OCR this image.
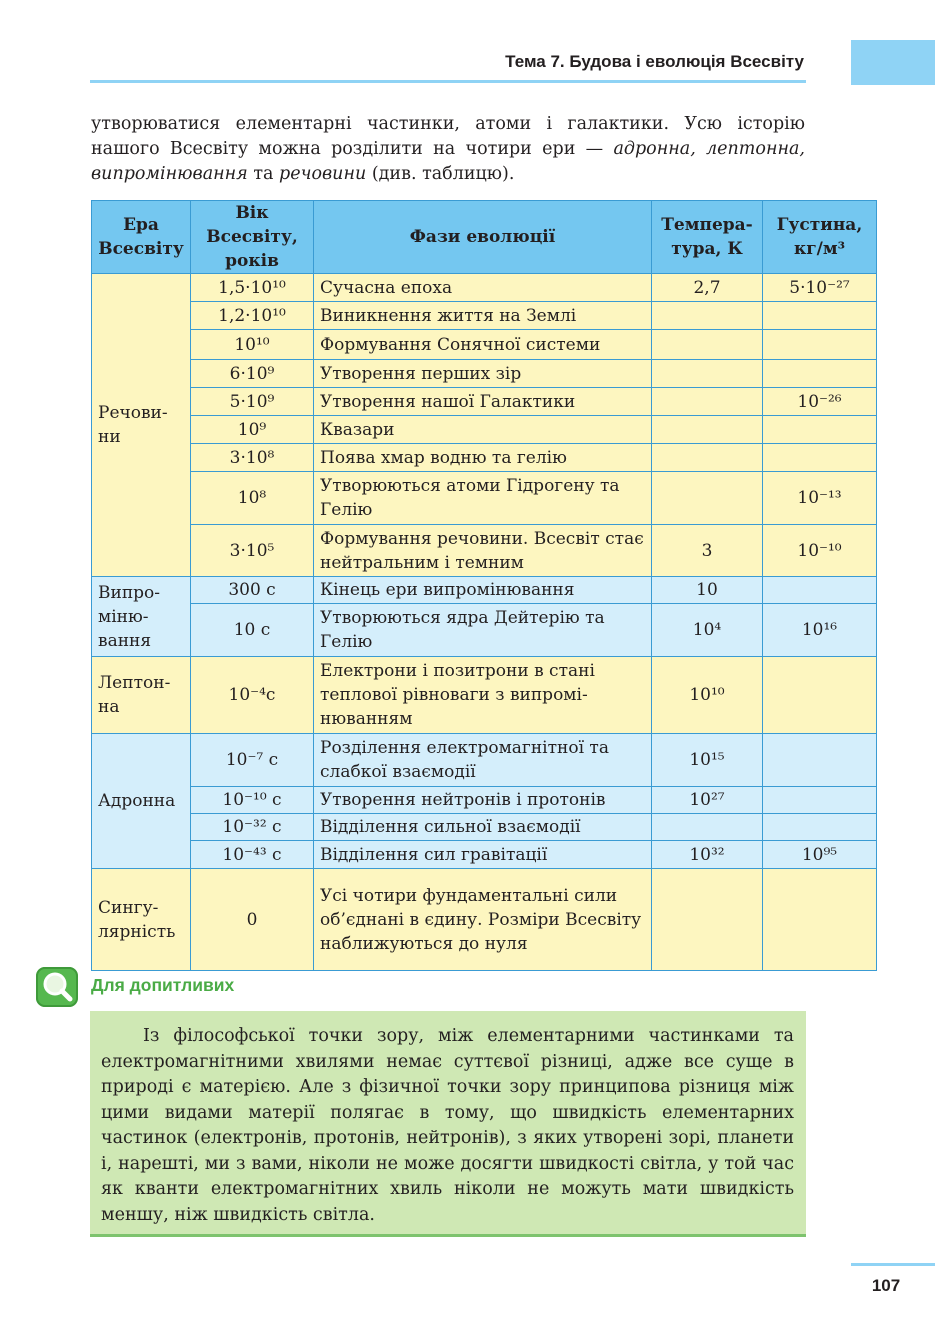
Тема 7. Будова і еволюція Всесвіту

утворюватися елементарні частинки, атоми і галактики. Усю історію нашого Всесвіту можна розділити на чотири ери — адронна, лептонна, випромінювання та речовини (див. таблицю).

Ера Всесвіту	Вік Всесвіту, років	Фази еволюції	Температура, К	Густина, кг/м³
Речовини	1,5·10¹⁰	Сучасна епоха	2,7	5·10⁻²⁷
	1,2·10¹⁰	Виникнення життя на Землі		
	10¹⁰	Формування Сонячної системи		
	6·10⁹	Утворення перших зір		
	5·10⁹	Утворення нашої Галактики		10⁻²⁶
	10⁹	Квазари		
	3·10⁸	Поява хмар водню та гелію		
	10⁸	Утворюються атоми Гідрогену та Гелію		10⁻¹³
	3·10⁵	Формування речовини. Всесвіт стає нейтральним і темним	3	10⁻¹⁰
Випромінювання	300 с	Кінець ери випромінювання	10	
	10 с	Утворюються ядра Дейтерію та Гелію	10⁴	10¹⁶
Лептонна	10⁻⁴с	Електрони і позитрони в стані теплової рівноваги з випромінюванням	10¹⁰	
Адронна	10⁻⁷ с	Розділення електромагнітної та слабкої взаємодії	10¹⁵	
	10⁻¹⁰ с	Утворення нейтронів і протонів	10²⁷	
	10⁻³² с	Відділення сильної взаємодії		
	10⁻⁴³ с	Відділення сил гравітації	10³²	10⁹⁵
Сингулярність	0	Усі чотири фундаментальні сили об’єднані в єдину. Розміри Всесвіту наближуються до нуля		
Для допитливих

Із філософської точки зору, між елементарними частинками та електромагнітними хвилями немає суттєвої різниці, адже все суще в природі є матерією. Але з фізичної точки зору принципова різниця між цими видами матерії полягає в тому, що швидкість елементарних частинок (електронів, протонів, нейтронів), з яких утворені зорі, планети і, нарешті, ми з вами, ніколи не може досягти швидкості світла, у той час як кванти електромагнітних хвиль ніколи не можуть мати швидкість меншу, ніж швидкість світла.

107
